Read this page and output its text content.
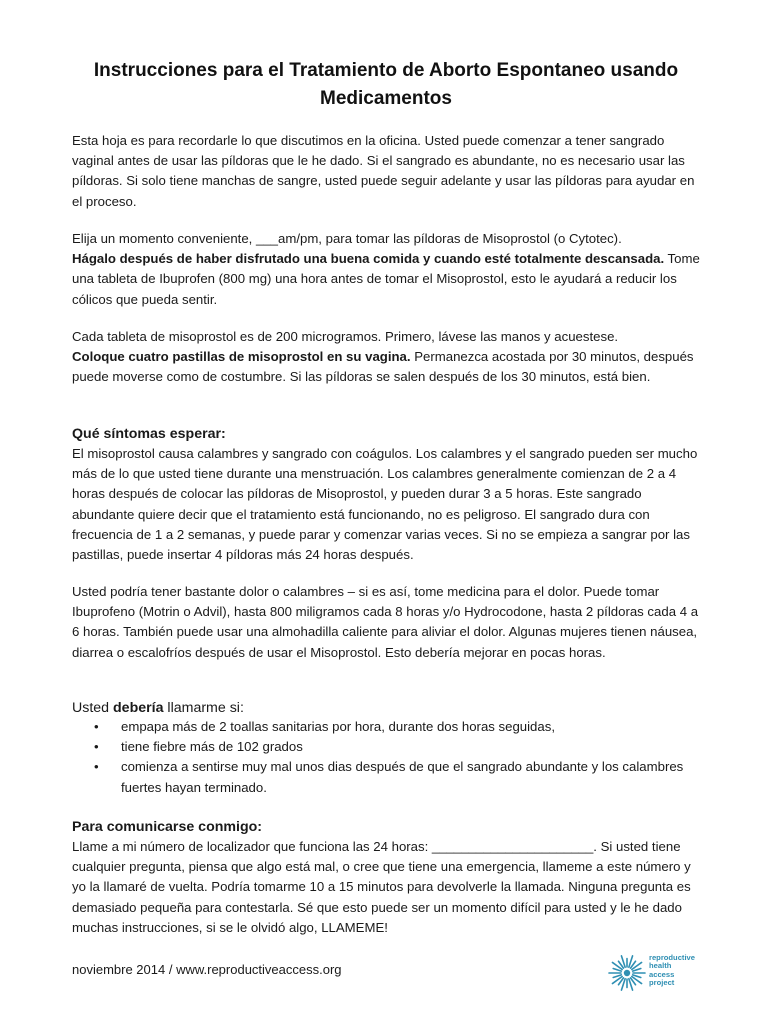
Instrucciones para el Tratamiento de Aborto Espontaneo usando Medicamentos

Esta hoja es para recordarle lo que discutimos en la oficina. Usted puede comenzar a tener sangrado vaginal antes de usar las píldoras que le he dado. Si el sangrado es abundante, no es necesario usar las píldoras. Si solo tiene manchas de sangre, usted puede seguir adelante y usar las píldoras para ayudar en el proceso.

Elija un momento conveniente, ___am/pm, para tomar las píldoras de Misoprostol (o Cytotec).
Hágalo después de haber disfrutado una buena comida y cuando esté totalmente descansada. Tome una tableta de Ibuprofen (800 mg) una hora antes de tomar el Misoprostol, esto le ayudará a reducir los cólicos que pueda sentir.

Cada tableta de misoprostol es de 200 microgramos. Primero, lávese las manos y acuestese.
Coloque cuatro pastillas de misoprostol en su vagina. Permanezca acostada por 30 minutos, después puede moverse como de costumbre. Si las píldoras se salen después de los 30 minutos, está bien.

Qué síntomas esperar:

El misoprostol causa calambres y sangrado con coágulos. Los calambres y el sangrado pueden ser mucho más de lo que usted tiene durante una menstruación. Los calambres generalmente comienzan de 2 a 4 horas después de colocar las píldoras de Misoprostol, y pueden durar 3 a 5 horas. Este sangrado abundante quiere decir que el tratamiento está funcionando, no es peligroso. El sangrado dura con frecuencia de 1 a 2 semanas, y puede parar y comenzar varias veces. Si no se empieza a sangrar por las pastillas, puede insertar 4 píldoras más 24 horas después.

Usted podría tener bastante dolor o calambres – si es así, tome medicina para el dolor. Puede tomar Ibuprofeno (Motrin o Advil), hasta 800 miligramos cada 8 horas y/o Hydrocodone, hasta 2 píldoras cada 4 a 6 horas. También puede usar una almohadilla caliente para aliviar el dolor. Algunas mujeres tienen náusea, diarrea o escalofríos después de usar el Misoprostol. Esto debería mejorar en pocas horas.

Usted debería llamarme si:
• empapa más de 2 toallas sanitarias por hora, durante dos horas seguidas,
• tiene fiebre más de 102 grados
• comienza a sentirse muy mal unos dias después de que el sangrado abundante y los calambres fuertes hayan terminado.
Para comunicarse conmigo:

Llame a mi número de localizador que funciona las 24 horas: ______________________. Si usted tiene cualquier pregunta, piensa que algo está mal, o cree que tiene una emergencia, llameme a este número y yo la llamaré de vuelta. Podría tomarme 10 a 15 minutos para devolverle la llamada. Ninguna pregunta es demasiado pequeña para contestarla. Sé que esto puede ser un momento difícil para usted y le he dado muchas instrucciones, si se le olvidó algo, LLAMEME!

noviembre 2014 / www.reproductiveaccess.org
reproductive
health
access
project
